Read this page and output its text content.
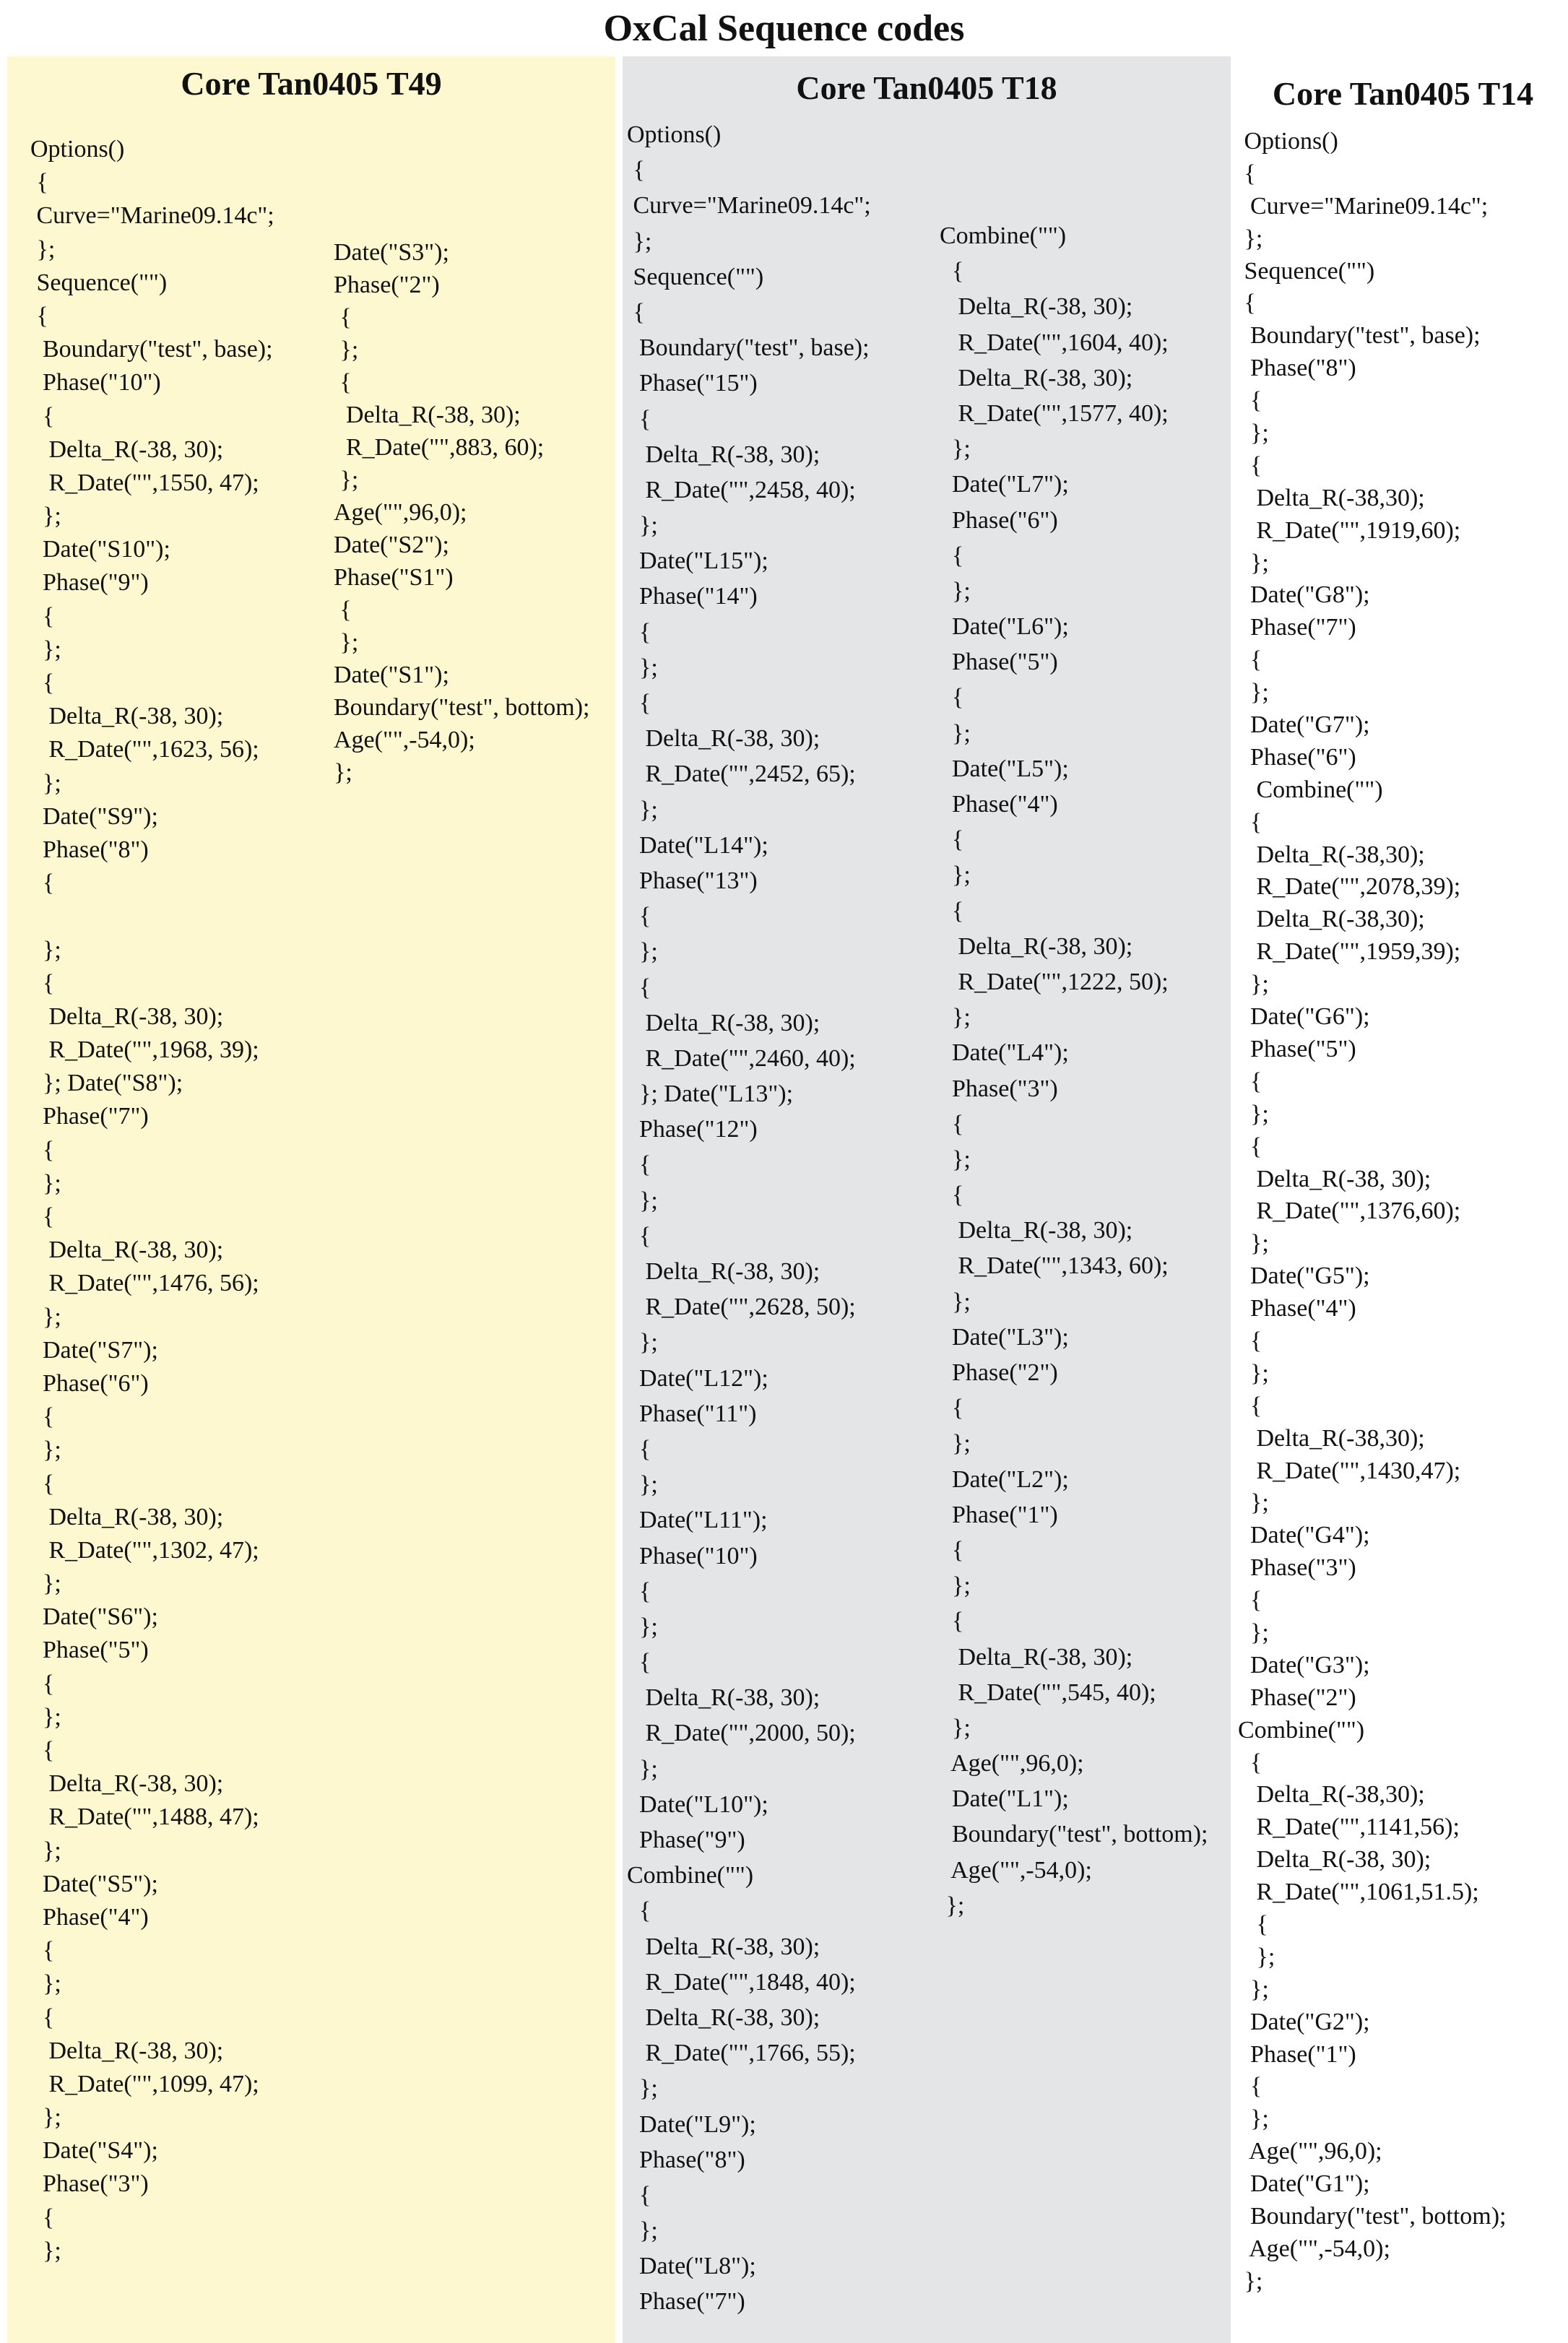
OxCal Sequence codes
Core Tan0405 T49
Options()
{
Curve="Marine09.14c";
};
Sequence("")
{
Boundary("test", base);
Phase("10")
{
Delta_R(-38, 30);
R_Date("",1550, 47);
};
Date("S10");
Phase("9")
{
};
{
Delta_R(-38, 30);
R_Date("",1623, 56);
};
Date("S9");
Phase("8")
{
};
{
Delta_R(-38, 30);
R_Date("",1968, 39);
}; Date("S8");
Phase("7")
{
};
{
Delta_R(-38, 30);
R_Date("",1476, 56);
};
Date("S7");
Phase("6")
{
};
{
Delta_R(-38, 30);
R_Date("",1302, 47);
};
Date("S6");
Phase("5")
{
};
{
Delta_R(-38, 30);
R_Date("",1488, 47);
};
Date("S5");
Phase("4")
{
};
{
Delta_R(-38, 30);
R_Date("",1099, 47);
};
Date("S4");
Phase("3")
{
};
Date("S3");
Phase("2")
{
};
{
Delta_R(-38, 30);
R_Date("",883, 60);
};
Age("",96,0);
Date("S2");
Phase("S1")
{
};
Date("S1");
Boundary("test", bottom);
Age("",-54,0);
};
Core Tan0405 T18
Options()
{
Curve="Marine09.14c";
};
Sequence("")
{
Boundary("test", base);
Phase("15")
{
Delta_R(-38, 30);
R_Date("",2458, 40);
};
Date("L15");
Phase("14")
{
};
{
Delta_R(-38, 30);
R_Date("",2452, 65);
};
Date("L14");
Phase("13")
{
};
{
Delta_R(-38, 30);
R_Date("",2460, 40);
}; Date("L13");
Phase("12")
{
};
{
Delta_R(-38, 30);
R_Date("",2628, 50);
};
Date("L12");
Phase("11")
{
};
Date("L11");
Phase("10")
{
};
{
Delta_R(-38, 30);
R_Date("",2000, 50);
};
Date("L10");
Phase("9")
Combine("")
{
Delta_R(-38, 30);
R_Date("",1848, 40);
Delta_R(-38, 30);
R_Date("",1766, 55);
};
Date("L9");
Phase("8")
{
};
Date("L8");
Phase("7")
Combine("")
{
Delta_R(-38, 30);
R_Date("",1604, 40);
Delta_R(-38, 30);
R_Date("",1577, 40);
};
Date("L7");
Phase("6")
{
};
Date("L6");
Phase("5")
{
};
Date("L5");
Phase("4")
{
};
{
Delta_R(-38, 30);
R_Date("",1222, 50);
};
Date("L4");
Phase("3")
{
};
{
Delta_R(-38, 30);
R_Date("",1343, 60);
};
Date("L3");
Phase("2")
{
};
Date("L2");
Phase("1")
{
};
{
Delta_R(-38, 30);
R_Date("",545, 40);
};
Age("",96,0);
Date("L1");
Boundary("test", bottom);
Age("",-54,0);
};
Core Tan0405 T14
Options()
{
Curve="Marine09.14c";
};
Sequence("")
{
Boundary("test", base);
Phase("8")
{
};
{
Delta_R(-38,30);
R_Date("",1919,60);
};
Date("G8");
Phase("7")
{
};
Date("G7");
Phase("6")
Combine("")
{
Delta_R(-38,30);
R_Date("",2078,39);
Delta_R(-38,30);
R_Date("",1959,39);
};
Date("G6");
Phase("5")
{
};
{
Delta_R(-38, 30);
R_Date("",1376,60);
};
Date("G5");
Phase("4")
{
};
{
Delta_R(-38,30);
R_Date("",1430,47);
};
Date("G4");
Phase("3")
{
};
Date("G3");
Phase("2")
Combine("")
{
Delta_R(-38,30);
R_Date("",1141,56);
Delta_R(-38, 30);
R_Date("",1061,51.5);
{
};
};
Date("G2");
Phase("1")
{
};
Age("",96,0);
Date("G1");
Boundary("test", bottom);
Age("",-54,0);
};
